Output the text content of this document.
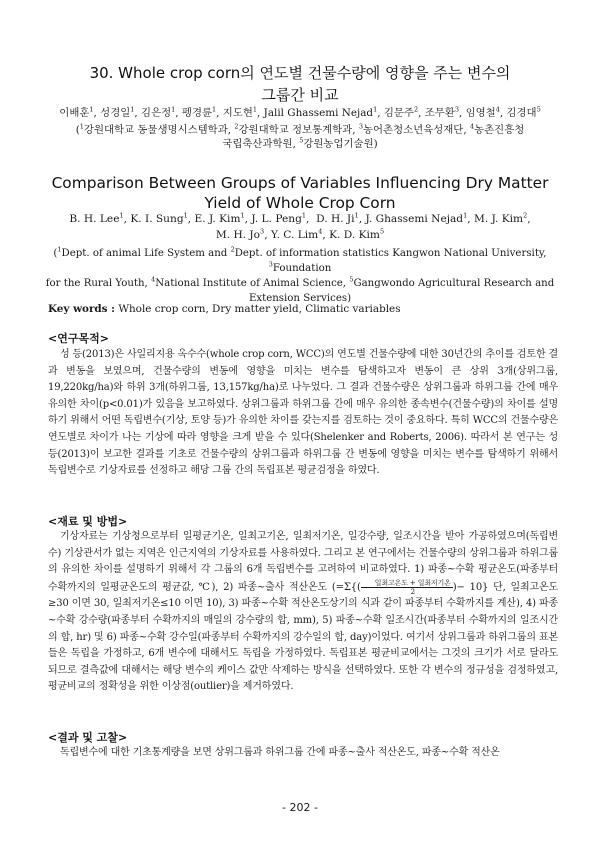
30. Whole crop corn의 연도별 건물수량에 영향을 주는 변수의
그룹간 비교
이배훈$^1$, 성경일$^1$, 김은정$^1$, 펭경륜$^1$, 지도현$^1$, Jalil Ghassemi Nejad$^1$, 김문주$^2$, 조무환$^3$, 임영철$^4$, 김경대$^5$
($^1$강원대학교 동물생명시스템학과, $^2$강원대학교 정보통계학과, $^3$농어촌청소년육성재단, $^4$농촌진흥청
국립축산과학원, $^5$강원농업기술원)
Comparison Between Groups of Variables Influencing Dry Matter
Yield of Whole Crop Corn
B. H. Lee$^1$, K. I. Sung$^1$, E. J. Kim$^1$, J. L. Peng$^1$,  D. H. Ji$^1$, J. Ghassemi Nejad$^1$, M. J. Kim$^2$,
M. H. Jo$^3$, Y. C. Lim$^4$, K. D. Kim$^5$
($^1$Dept. of animal Life System and $^2$Dept. of information statistics Kangwon National University, $^3$Foundation
for the Rural Youth, $^4$National Institute of Animal Science, $^5$Gangwondo Agricultural Research and
Extension Services)
Key words : Whole crop corn, Dry matter yield, Climatic variables
<연구목적>

성 등(2013)은 사일리지용 옥수수(whole crop corn, WCC)의 연도별 건물수량에 대한 30년간의 추이를 검토한 결과 변동을 보였으며, 건물수량의 변동에 영향을 미치는 변수를 탐색하고자 변동이 큰 상위 3개(상위그룹, 19,220kg/ha)와 하위 3개(하위그룹, 13,157kg/ha)로 나누었다. 그 결과 건물수량은 상위그룹과 하위그룹 간에 매우 유의한 차이(p<0.01)가 있음을 보고하였다. 상위그룹과 하위그룹 간에 매우 유의한 종속변수(건물수량)의 차이를 설명하기 위해서 어떤 독립변수(기상, 토양 등)가 유의한 차이를 갖는지를 검토하는 것이 중요하다. 특히 WCC의 건물수량은 연도별로 차이가 나는 기상에 따라 영향을 크게 받을 수 있다(Shelenker and Roberts, 2006). 따라서 본 연구는 성 등(2013)이 보고한 결과를 기초로 건물수량의 상위그룹과 하위그룹 간 변동에 영향을 미치는 변수를 탐색하기 위해서 독립변수로 기상자료를 선정하고 해당 그룹 간의 독립표본 평균검정을 하였다.

<재료 및 방법>

기상자료는 기상청으로부터 일평균기온, 일최고기온, 일최저기온, 일강수량, 일조시간을 받아 가공하였으며(독립변수) 기상관서가 없는 지역은 인근지역의 기상자료를 사용하였다. 그리고 본 연구에서는 건물수량의 상위그룹과 하위그룹의 유의한 차이를 설명하기 위해서 각 그룹의 6개 독립변수를 고려하여 비교하였다. 1) 파종~수확 평균온도(파종부터 수확까지의 일평균온도의 평균값, ℃), 2) 파종~출사 적산온도 (=Σ{(	일최고온도 + 일최저기온
2	)− 10} 단, 일최고온도≥30 이면 30, 일최저기온≤10 이면 10), 3) 파종~수확 적산온도상기의 식과 같이 파종부터 수확까지를 계산), 4) 파종~수확 강수량(파종부터 수확까지의 매일의 강수량의 합, mm), 5) 파종~수확 일조시간(파종부터 수확까지의 일조시간의 합, hr) 및 6) 파종~수확 강수일(파종부터 수확까지의 강수일의 합, day)이었다. 여기서 상위그룹과 하위그룹의 표본들은 독립을 가정하고, 6개 변수에 대해서도 독립을 가정하였다. 독립표본 평균비교에서는 그것의 크기가 서로 달라도 되므로 결측값에 대해서는 해당 변수의 케이스 값만 삭제하는 방식을 선택하였다. 또한 각 변수의 정규성을 검정하였고, 평균비교의 정확성을 위한 이상점(outlier)을 제거하였다.

<결과 및 고찰>

독립변수에 대한 기초통계량을 보면 상위그룹과 하위그룹 간에 파종~출사 적산온도, 파종~수확 적산온

- 202 -
